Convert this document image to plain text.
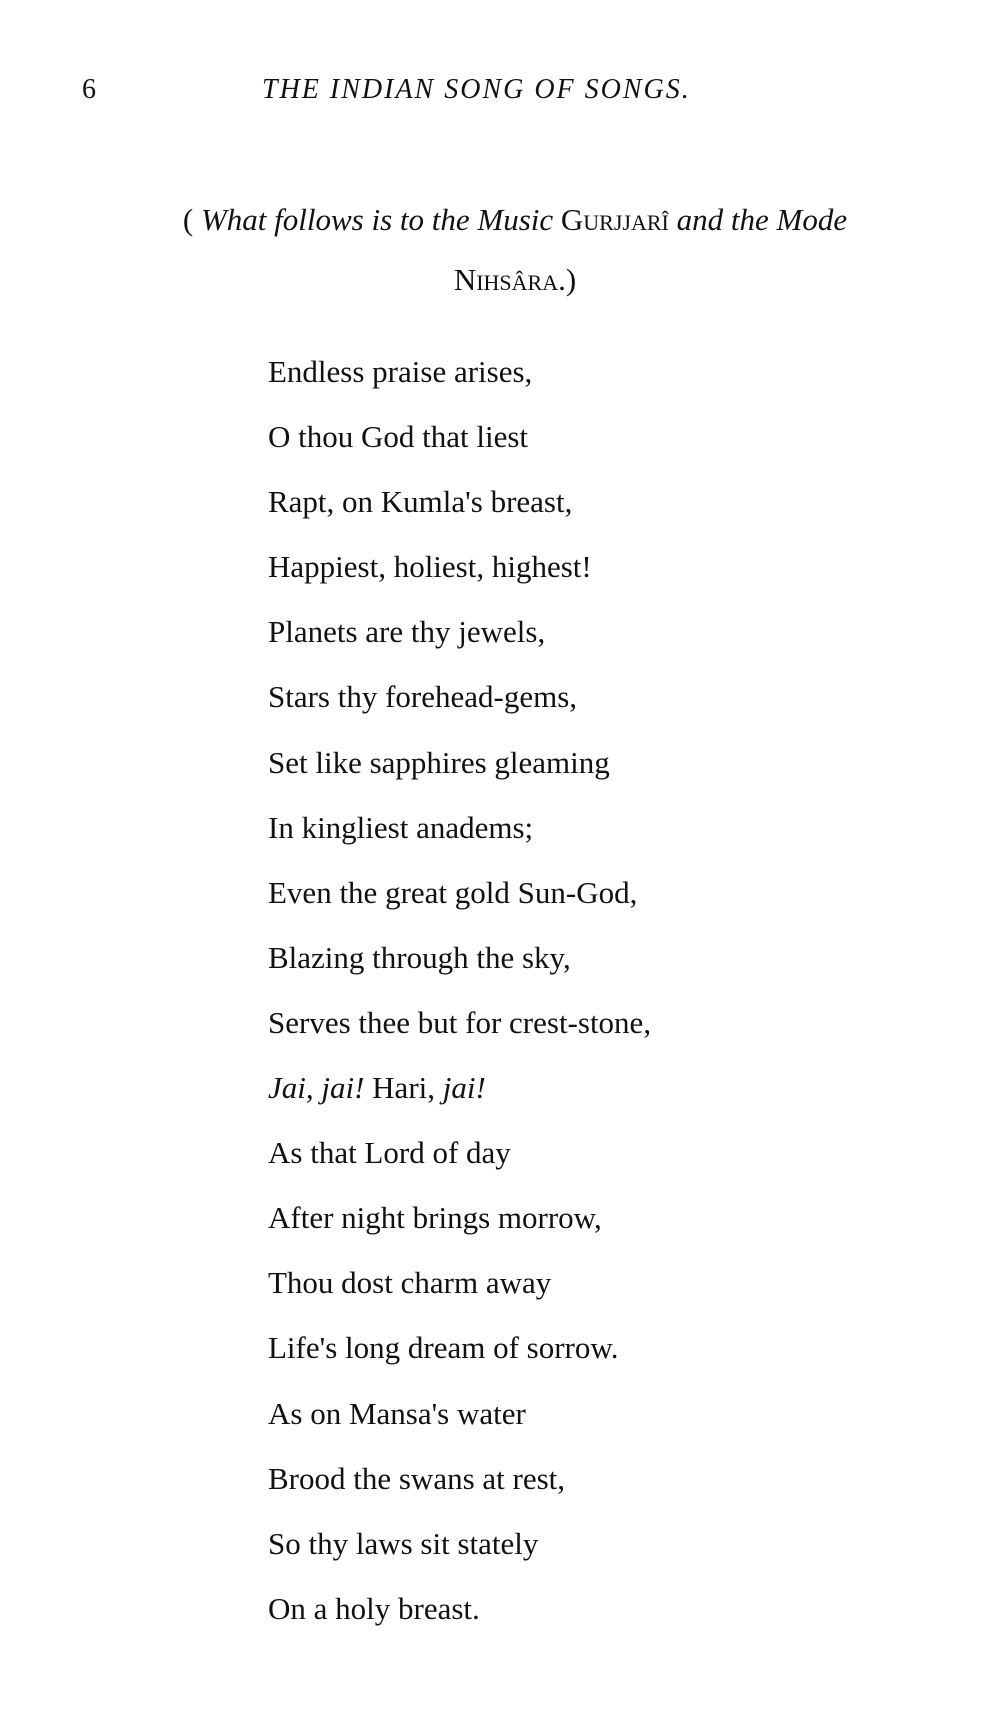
6	THE INDIAN SONG OF SONGS.
( What follows is to the Music Gurjjarî and the Mode
Nihsâra.)
Endless praise arises,
O thou God that liest
Rapt, on Kumla's breast,
Happiest, holiest, highest!
Planets are thy jewels,
Stars thy forehead-gems,
Set like sapphires gleaming
In kingliest anadems;
Even the great gold Sun-God,
Blazing through the sky,
Serves thee but for crest-stone,
Jai, jai! Hari, jai!
As that Lord of day
After night brings morrow,
Thou dost charm away
Life's long dream of sorrow.
As on Mansa's water
Brood the swans at rest,
So thy laws sit stately
On a holy breast.
